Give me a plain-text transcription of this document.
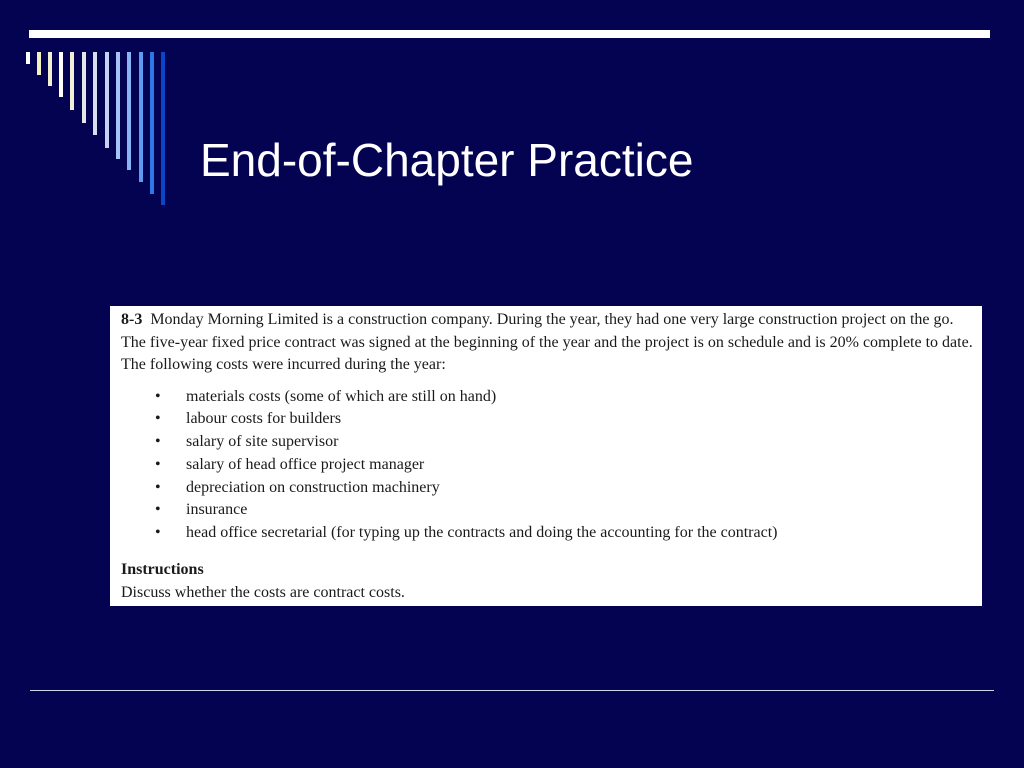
End-of-Chapter Practice

8-3 Monday Morning Limited is a construction company. During the year, they had one very large construction project on the go. The five-year fixed price contract was signed at the beginning of the year and the project is on schedule and is 20% complete to date. The following costs were incurred during the year:

• materials costs (some of which are still on hand)
• labour costs for builders
• salary of site supervisor
• salary of head office project manager
• depreciation on construction machinery
• insurance
• head office secretarial (for typing up the contracts and doing the accounting for the contract)

Instructions

Discuss whether the costs are contract costs.
